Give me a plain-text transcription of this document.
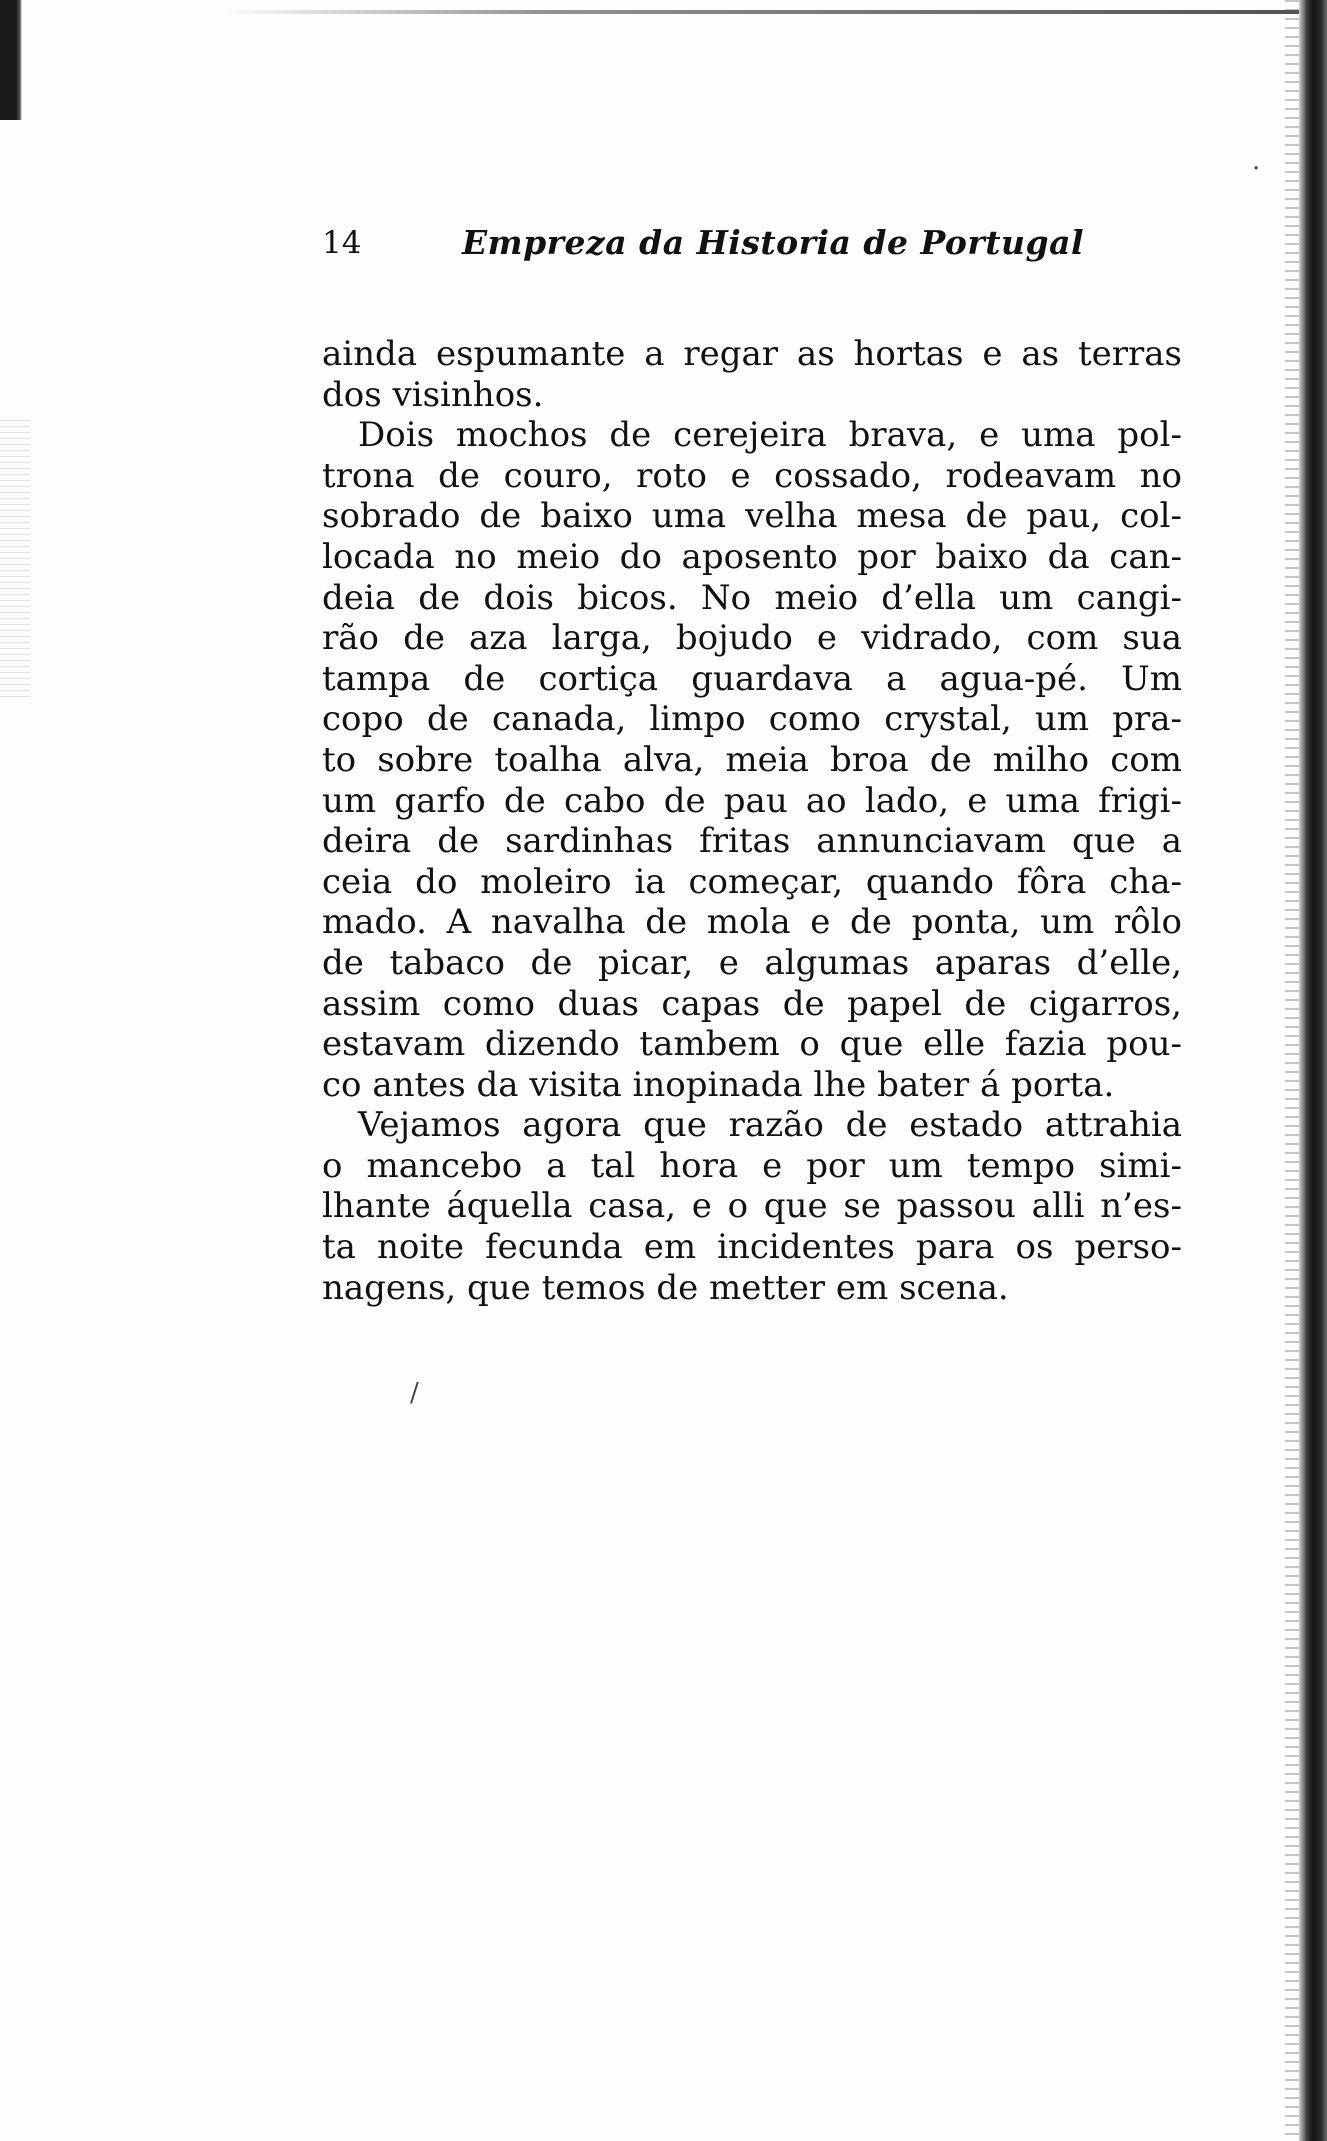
·
/
14	Empreza da Historia de Portugal
ainda espumante a regar as hortas e as terras
dos visinhos.
Dois mochos de cerejeira brava, e uma pol-
trona de couro, roto e cossado, rodeavam no
sobrado de baixo uma velha mesa de pau, col-
locada no meio do aposento por baixo da can-
deia de dois bicos. No meio d’ella um cangi-
rão de aza larga, bojudo e vidrado, com sua
tampa de cortiça guardava a agua-pé. Um
copo de canada, limpo como crystal, um pra-
to sobre toalha alva, meia broa de milho com
um garfo de cabo de pau ao lado, e uma frigi-
deira de sardinhas fritas annunciavam que a
ceia do moleiro ia começar, quando fôra cha-
mado. A navalha de mola e de ponta, um rôlo
de tabaco de picar, e algumas aparas d’elle,
assim como duas capas de papel de cigarros,
estavam dizendo tambem o que elle fazia pou-
co antes da visita inopinada lhe bater á porta.
Vejamos agora que razão de estado attrahia
o mancebo a tal hora e por um tempo simi-
lhante áquella casa, e o que se passou alli n’es-
ta noite fecunda em incidentes para os perso-
nagens, que temos de metter em scena.
